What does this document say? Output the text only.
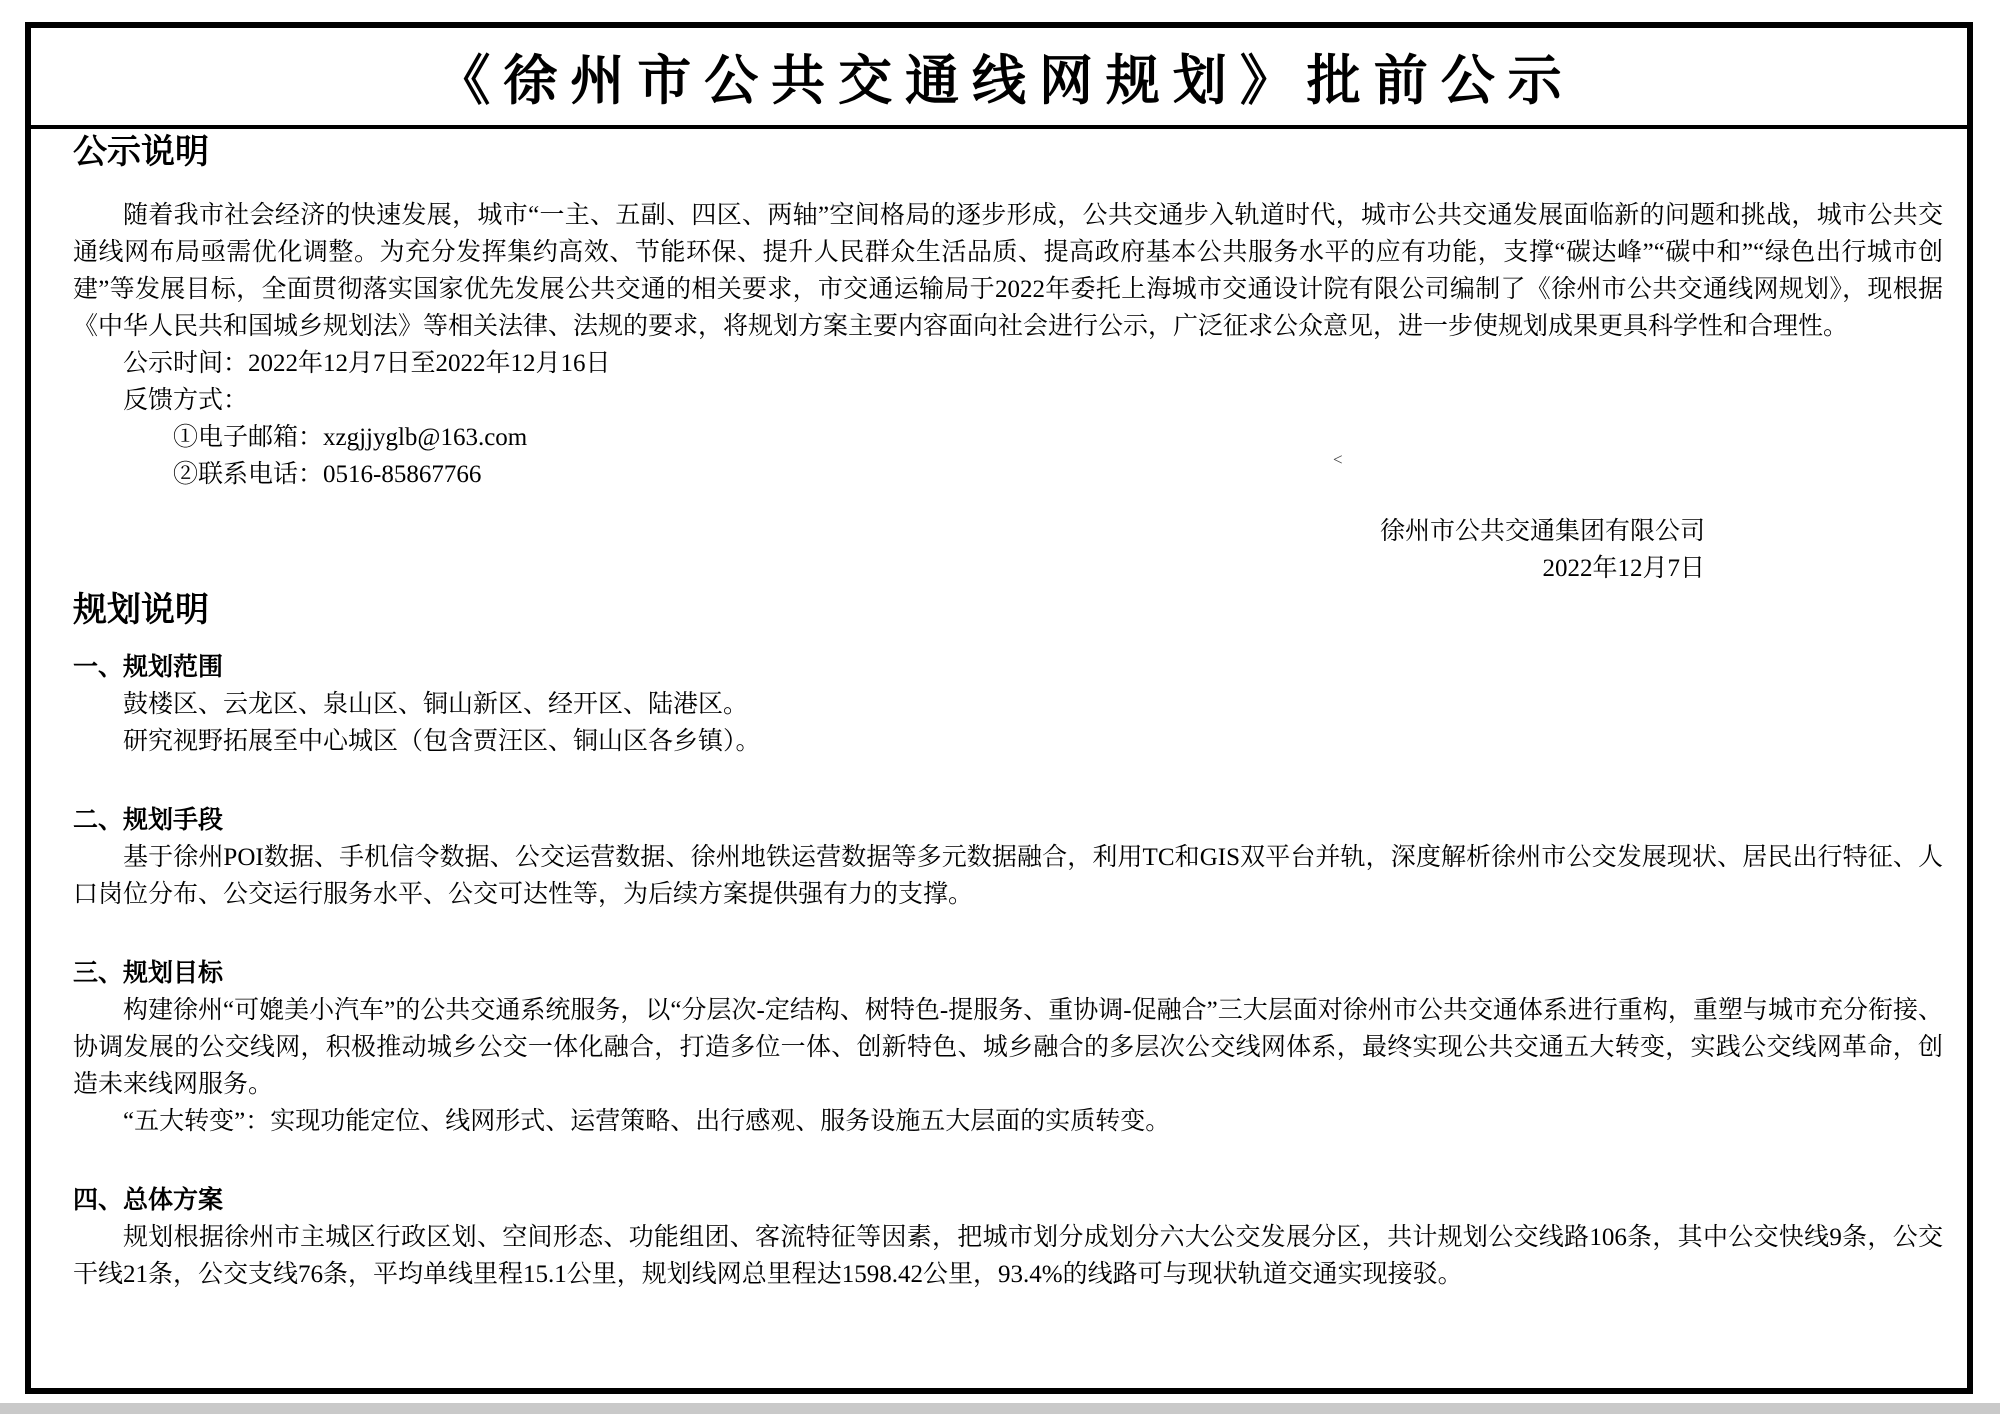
《徐州市公共交通线网规划》批前公示
公示说明

随着我市社会经济的快速发展，城市“一主、五副、四区、两轴”空间格局的逐步形成，公共交通步入轨道时代，城市公共交通发展面临新的问题和挑战，城市公共交通线网布局亟需优化调整。为充分发挥集约高效、节能环保、提升人民群众生活品质、提高政府基本公共服务水平的应有功能，支撑“碳达峰”“碳中和”“绿色出行城市创建”等发展目标，全面贯彻落实国家优先发展公共交通的相关要求，市交通运输局于2022年委托上海城市交通设计院有限公司编制了《徐州市公共交通线网规划》，现根据《中华人民共和国城乡规划法》等相关法律、法规的要求，将规划方案主要内容面向社会进行公示，广泛征求公众意见，进一步使规划成果更具科学性和合理性。

公示时间：2022年12月7日至2022年12月16日

反馈方式：

①电子邮箱：xzgjjyglb@163.com

②联系电话：0516-85867766

徐州市公共交通集团有限公司

2022年12月7日

规划说明

一、规划范围

鼓楼区、云龙区、泉山区、铜山新区、经开区、陆港区。

研究视野拓展至中心城区（包含贾汪区、铜山区各乡镇）。

二、规划手段

基于徐州POI数据、手机信令数据、公交运营数据、徐州地铁运营数据等多元数据融合，利用TC和GIS双平台并轨，深度解析徐州市公交发展现状、居民出行特征、人口岗位分布、公交运行服务水平、公交可达性等，为后续方案提供强有力的支撑。

三、规划目标

构建徐州“可媲美小汽车”的公共交通系统服务，以“分层次-定结构、树特色-提服务、重协调-促融合”三大层面对徐州市公共交通体系进行重构，重塑与城市充分衔接、协调发展的公交线网，积极推动城乡公交一体化融合，打造多位一体、创新特色、城乡融合的多层次公交线网体系，最终实现公共交通五大转变，实践公交线网革命，创造未来线网服务。

“五大转变”：实现功能定位、线网形式、运营策略、出行感观、服务设施五大层面的实质转变。

四、总体方案

规划根据徐州市主城区行政区划、空间形态、功能组团、客流特征等因素，把城市划分成划分六大公交发展分区，共计规划公交线路106条，其中公交快线9条，公交干线21条，公交支线76条，平均单线里程15.1公里，规划线网总里程达1598.42公里，93.4%的线路可与现状轨道交通实现接驳。

<
